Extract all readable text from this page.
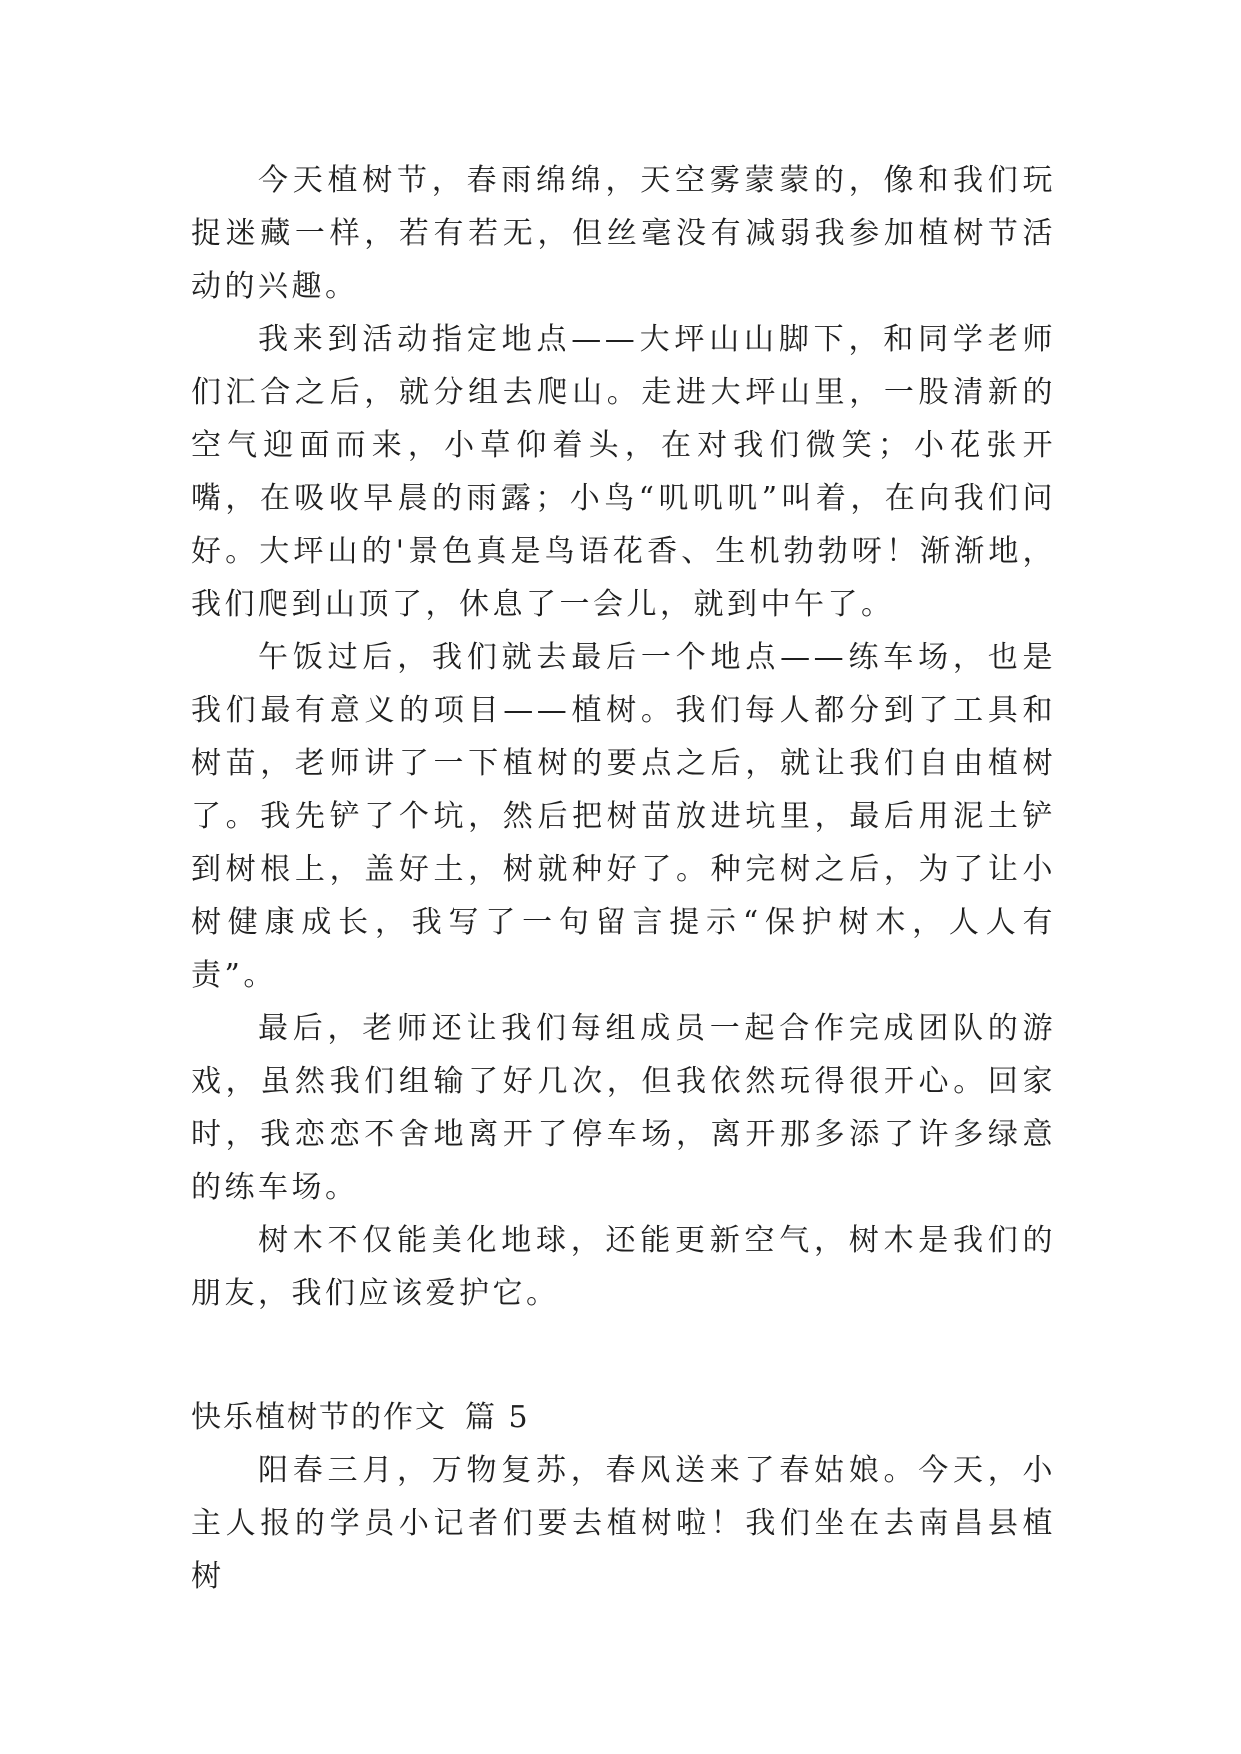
今天植树节，春雨绵绵，天空雾蒙蒙的，像和我们玩捉迷藏一样，若有若无，但丝毫没有减弱我参加植树节活动的兴趣。

我来到活动指定地点——大坪山山脚下，和同学老师们汇合之后，就分组去爬山。走进大坪山里，一股清新的空气迎面而来，小草仰着头，在对我们微笑；小花张开嘴，在吸收早晨的雨露；小鸟“叽叽叽”叫着，在向我们问好。大坪山的'景色真是鸟语花香、生机勃勃呀！渐渐地，我们爬到山顶了，休息了一会儿，就到中午了。

午饭过后，我们就去最后一个地点——练车场，也是我们最有意义的项目——植树。我们每人都分到了工具和树苗，老师讲了一下植树的要点之后，就让我们自由植树了。我先铲了个坑，然后把树苗放进坑里，最后用泥土铲到树根上，盖好土，树就种好了。种完树之后，为了让小树健康成长，我写了一句留言提示“保护树木，人人有责”。

最后，老师还让我们每组成员一起合作完成团队的游戏，虽然我们组输了好几次，但我依然玩得很开心。回家时，我恋恋不舍地离开了停车场，离开那多添了许多绿意的练车场。

树木不仅能美化地球，还能更新空气，树木是我们的朋友，我们应该爱护它。

快乐植树节的作文 篇 5

阳春三月，万物复苏，春风送来了春姑娘。今天，小主人报的学员小记者们要去植树啦！我们坐在去南昌县植树
